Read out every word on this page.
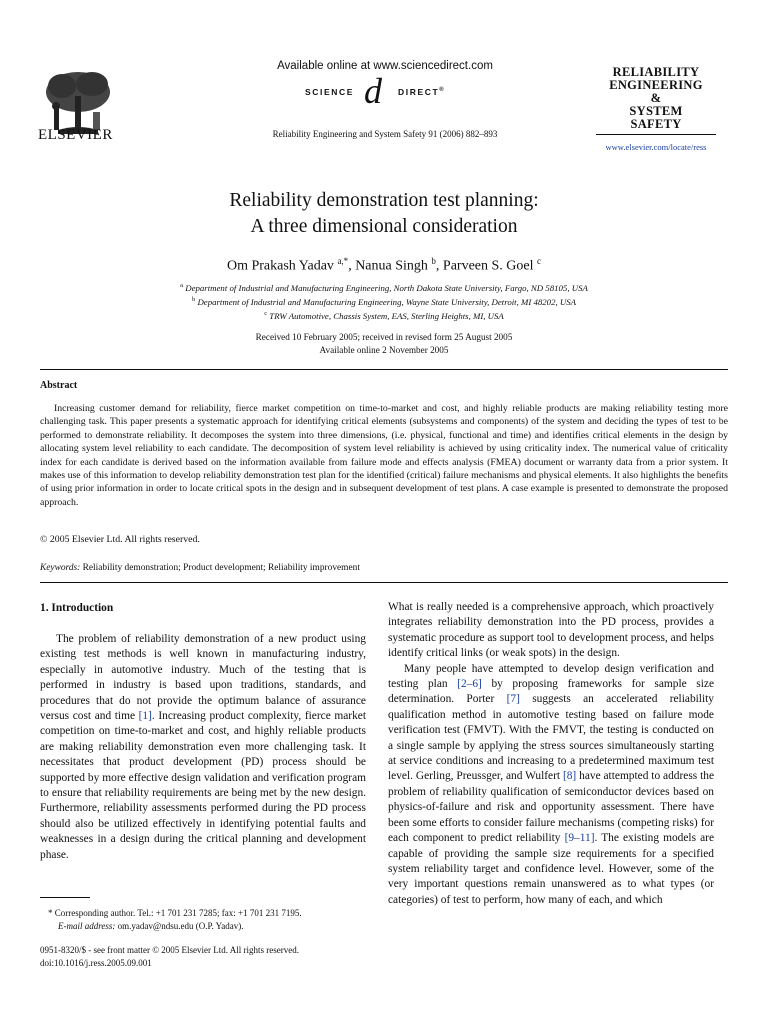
ELSEVIER
Available online at www.sciencedirect.com
SCIENCE d DIRECT®
Reliability Engineering and System Safety 91 (2006) 882–893
RELIABILITY
ENGINEERING
&
SYSTEM
SAFETY
www.elsevier.com/locate/ress
Reliability demonstration test planning:
A three dimensional consideration
Om Prakash Yadav $^{a,*}$, Nanua Singh $^b$, Parveen S. Goel $^c$
$^a$ Department of Industrial and Manufacturing Engineering, North Dakota State University, Fargo, ND 58105, USA
$^b$ Department of Industrial and Manufacturing Engineering, Wayne State University, Detroit, MI 48202, USA
$^c$ TRW Automotive, Chassis System, EAS, Sterling Heights, MI, USA
Received 10 February 2005; received in revised form 25 August 2005
Available online 2 November 2005
Abstract

Increasing customer demand for reliability, fierce market competition on time-to-market and cost, and highly reliable products are making reliability testing more challenging task. This paper presents a systematic approach for identifying critical elements (subsystems and components) of the system and deciding the types of test to be performed to demonstrate reliability. It decomposes the system into three dimensions, (i.e. physical, functional and time) and identifies critical elements in the design by allocating system level reliability to each candidate. The decomposition of system level reliability is achieved by using criticality index. The numerical value of criticality index for each candidate is derived based on the information available from failure mode and effects analysis (FMEA) document or warranty data from a prior system. It makes use of this information to develop reliability demonstration test plan for the identified (critical) failure mechanisms and physical elements. It also highlights the benefits of using prior information in order to locate critical spots in the design and in subsequent development of test plans. A case example is presented to demonstrate the proposed approach.

© 2005 Elsevier Ltd. All rights reserved.
Keywords: Reliability demonstration; Product development; Reliability improvement
1. Introduction

The problem of reliability demonstration of a new product using existing test methods is well known in manufacturing industry, especially in automotive industry. Much of the testing that is performed in industry is based upon traditions, standards, and procedures that do not provide the optimum balance of assurance versus cost and time [1]. Increasing product complexity, fierce market competition on time-to-market and cost, and highly reliable products are making reliability demonstration even more challenging task. It necessitates that product development (PD) process should be supported by more effective design validation and verification program to ensure that reliability requirements are being met by the new design. Furthermore, reliability assessments performed during the PD process should also be utilized effectively in identifying potential faults and weaknesses in a design during the critical planning and development phase.

What is really needed is a comprehensive approach, which proactively integrates reliability demonstration into the PD process, provides a systematic procedure as support tool to development process, and helps identify critical links (or weak spots) in the design.

Many people have attempted to develop design verification and testing plan [2–6] by proposing frameworks for sample size determination. Porter [7] suggests an accelerated reliability qualification method in automotive testing based on failure mode verification test (FMVT). With the FMVT, the testing is conducted on a single sample by applying the stress sources simultaneously starting at service conditions and increasing to a predetermined maximum test level. Gerling, Preussger, and Wulfert [8] have attempted to address the problem of reliability qualification of semiconductor devices based on physics-of-failure and risk and opportunity assessment. There have been some efforts to consider failure mechanisms (competing risks) for each component to predict reliability [9–11]. The existing models are capable of providing the sample size requirements for a specified system reliability target and confidence level. However, some of the very important questions remain unanswered as to what types (or categories) of test to perform, how many of each, and which

* Corresponding author. Tel.: +1 701 231 7285; fax: +1 701 231 7195.
E-mail address: om.yadav@ndsu.edu (O.P. Yadav).
0951-8320/$ - see front matter © 2005 Elsevier Ltd. All rights reserved.
doi:10.1016/j.ress.2005.09.001
